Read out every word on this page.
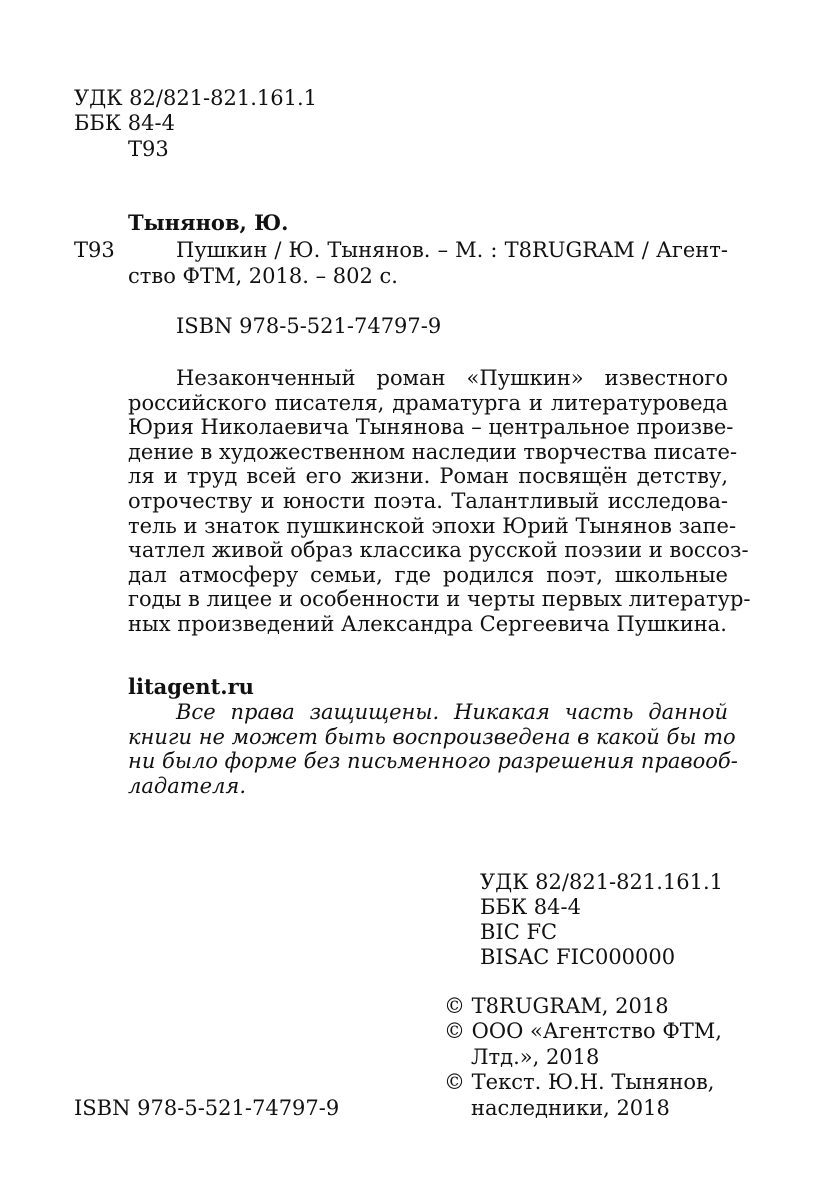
УДК 82/821-821.161.1
ББК 84-4
Т93
Тынянов, Ю.
Т93	Пушкин / Ю. Тынянов. – М. : Т8RUGRAM / Агент-
ство ФТМ, 2018. – 802 с.
ISBN 978-5-521-74797-9
Незаконченный роман «Пушкин» известного
российского писателя, драматурга и литературоведа
Юрия Николаевича Тынянова – центральное произве-
дение в художественном наследии творчества писате-
ля и труд всей его жизни. Роман посвящён детству,
отрочеству и юности поэта. Талантливый исследова-
тель и знаток пушкинской эпохи Юрий Тынянов запе-
чатлел живой образ классика русской поэзии и воссоз-
дал атмосферу семьи, где родился поэт, школьные
годы в лицее и особенности и черты первых литератур-
ных произведений Александра Сергеевича Пушкина.
litagent.ru
Все права защищены. Никакая часть данной
книги не может быть воспроизведена в какой бы то
ни было форме без письменного разрешения правооб-
ладателя.
УДК 82/821-821.161.1
ББК 84-4
BIC FC
BISAC FIC000000
© Т8RUGRAM, 2018
© ООО «Агентство ФТМ,
Лтд.», 2018
© Текст. Ю.Н. Тынянов,
наследники, 2018
ISBN 978-5-521-74797-9
